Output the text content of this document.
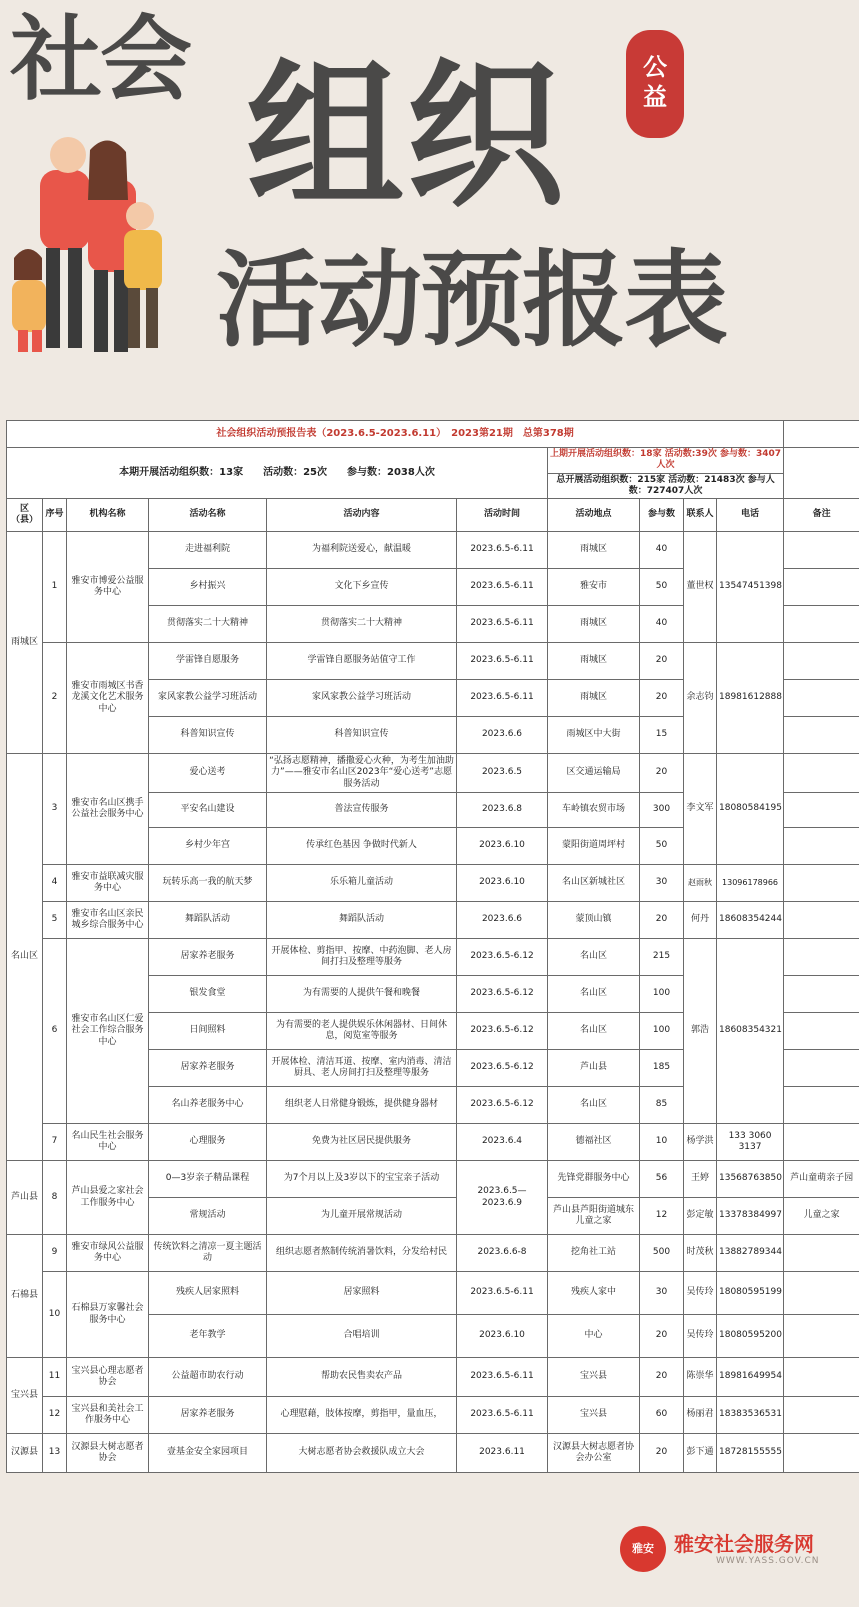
社会 组织
活动预报表
公
益
社会组织活动预报告表（2023.6.5-2023.6.11）　2023第21期　总第378期										
本期开展活动组织数：13家　　活动数：25次　　参与数：2038人次						上期开展活动组织数：18家 活动数:39次 参与数：3407人次				
						总开展活动组织数：215家 活动数：21483次 参与人数：727407人次				
区（县）	序号	机构名称	活动名称	活动内容	活动时间	活动地点	参与数	联系人	电话	备注
雨城区	1	雅安市博爱公益服务中心	走进福利院	为福利院送爱心，献温暖	2023.6.5-6.11	雨城区	40	董世权	13547451398	
			乡村振兴	文化下乡宣传	2023.6.5-6.11	雅安市	50			
			贯彻落实二十大精神	贯彻落实二十大精神	2023.6.5-6.11	雨城区	40			
	2	雅安市雨城区书香龙溪文化艺术服务中心	学雷锋自愿服务	学雷锋自愿服务站值守工作	2023.6.5-6.11	雨城区	20	余志钧	18981612888	
			家风家教公益学习班活动	家风家教公益学习班活动	2023.6.5-6.11	雨城区	20			
			科普知识宣传	科普知识宣传	2023.6.6	雨城区中大街	15			
名山区	3	雅安市名山区携手公益社会服务中心	爱心送考	“弘扬志愿精神，播撒爱心火种，为考生加油助力”——雅安市名山区2023年“爱心送考”志愿服务活动	2023.6.5	区交通运输局	20	李文军	18080584195	
			平安名山建设	普法宣传服务	2023.6.8	车岭镇农贸市场	300			
			乡村少年宫	传承红色基因 争做时代新人	2023.6.10	蒙阳街道周坪村	50			
	4	雅安市益联减灾服务中心	玩转乐高一我的航天梦	乐乐箱儿童活动	2023.6.10	名山区新城社区	30	赵雨秋	13096178966	
	5	雅安市名山区亲民城乡综合服务中心	舞蹈队活动	舞蹈队活动	2023.6.6	蒙顶山镇	20	何丹	18608354244	
	6	雅安市名山区仁爱社会工作综合服务中心	居家养老服务	开展体检、剪指甲、按摩、中药泡脚、老人房间打扫及整理等服务	2023.6.5-6.12	名山区	215	郭浩	18608354321	
			银发食堂	为有需要的人提供午餐和晚餐	2023.6.5-6.12	名山区	100			
			日间照料	为有需要的老人提供娱乐休闲器材、日间休息，阅览室等服务	2023.6.5-6.12	名山区	100			
			居家养老服务	开展体检、清洁耳道、按摩、室内消毒、清洁厨具、老人房间打扫及整理等服务	2023.6.5-6.12	芦山县	185			
			名山养老服务中心	组织老人日常健身锻炼，提供健身器材	2023.6.5-6.12	名山区	85			
	7	名山民生社会服务中心	心理服务	免费为社区居民提供服务	2023.6.4	德福社区	10	杨学洪	133 3060 3137	
芦山县	8	芦山县爱之家社会工作服务中心	0—3岁亲子精品课程	为7个月以上及3岁以下的宝宝亲子活动	2023.6.5—2023.6.9	先锋党群服务中心	56	王婷	13568763850	芦山童萌亲子园
			常规活动	为儿童开展常规活动		芦山县芦阳街道城东儿童之家	12	彭定敏	13378384997	儿童之家
石棉县	9	雅安市绿风公益服务中心	传统饮料之清凉一夏主题活动	组织志愿者熬制传统消暑饮料，分发给村民	2023.6.6-8	挖角社工站	500	时茂秋	13882789344	
	10	石棉县万家馨社会服务中心	残疾人居家照料	居家照料	2023.6.5-6.11	残疾人家中	30	吴传玲	18080595199	
			老年教学	合唱培训	2023.6.10	中心	20	吴传玲	18080595200	
宝兴县	11	宝兴县心理志愿者协会	公益超市助农行动	帮助农民售卖农产品	2023.6.5-6.11	宝兴县	20	陈崇华	18981649954	
	12	宝兴县和美社会工作服务中心	居家养老服务	心理慰藉，肢体按摩，剪指甲，量血压，	2023.6.5-6.11	宝兴县	60	杨丽君	18383536531	
汉源县	13	汉源县大树志愿者协会	壹基金安全家园项目	大树志愿者协会救援队成立大会	2023.6.11	汉源县大树志愿者协会办公室	20	彭下通	18728155555	
雅安	雅安社会服务网
WWW.YASS.GOV.CN
